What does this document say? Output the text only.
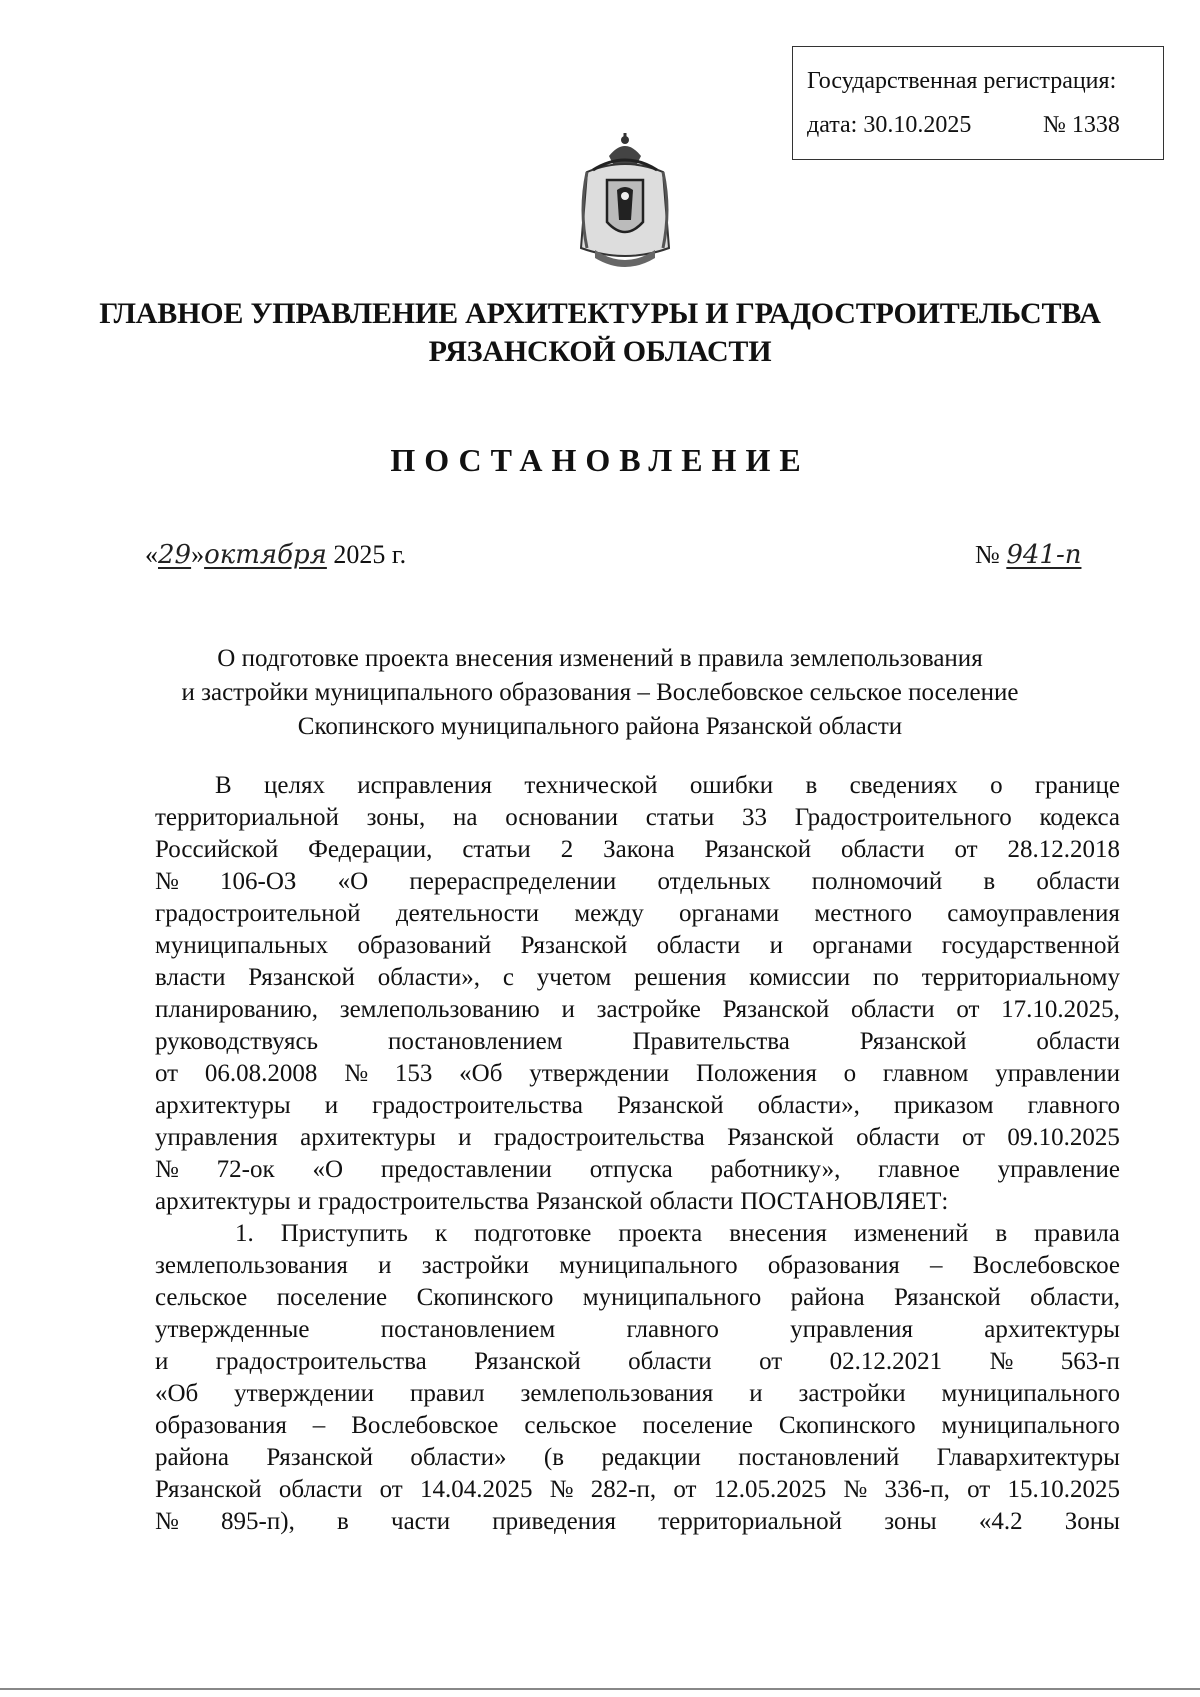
Государственная регистрация:
дата: 30.10.2025	№ 1338
ГЛАВНОЕ УПРАВЛЕНИЕ АРХИТЕКТУРЫ И ГРАДОСТРОИТЕЛЬСТВА
РЯЗАНСКОЙ ОБЛАСТИ
ПОСТАНОВЛЕНИЕ
«29»октября 2025 г.	№ 941-п
О подготовке проекта внесения изменений в правила землепользования
и застройки муниципального образования – Вослебовское сельское поселение
Скопинского муниципального района Рязанской области
В целях исправления технической ошибки в сведениях о границе
территориальной зоны, на основании статьи 33 Градостроительного кодекса
Российской Федерации, статьи 2 Закона Рязанской области от 28.12.2018
№ 106-ОЗ «О перераспределении отдельных полномочий в области
градостроительной деятельности между органами местного самоуправления
муниципальных образований Рязанской области и органами государственной
власти Рязанской области», с учетом решения комиссии по территориальному
планированию, землепользованию и застройке Рязанской области от 17.10.2025,
руководствуясь	постановлением	Правительства	Рязанской	области
от 06.08.2008 № 153 «Об утверждении Положения о главном управлении
архитектуры и градостроительства Рязанской области», приказом главного
управления архитектуры и градостроительства Рязанской области от 09.10.2025
№ 72-ок «О предоставлении отпуска работнику», главное управление
архитектуры и градостроительства Рязанской области ПОСТАНОВЛЯЕТ:
1. Приступить к подготовке проекта внесения изменений в правила
землепользования и застройки муниципального образования – Вослебовское
сельское поселение Скопинского муниципального района Рязанской области,
утвержденные	постановлением	главного	управления	архитектуры
и градостроительства Рязанской области от 02.12.2021 № 563-п
«Об утверждении правил землепользования и застройки муниципального
образования – Вослебовское сельское поселение Скопинского муниципального
района Рязанской области» (в редакции постановлений Главархитектуры
Рязанской области от 14.04.2025 № 282-п, от 12.05.2025 № 336-п, от 15.10.2025
№ 895-п), в части приведения территориальной зоны «4.2 Зоны
